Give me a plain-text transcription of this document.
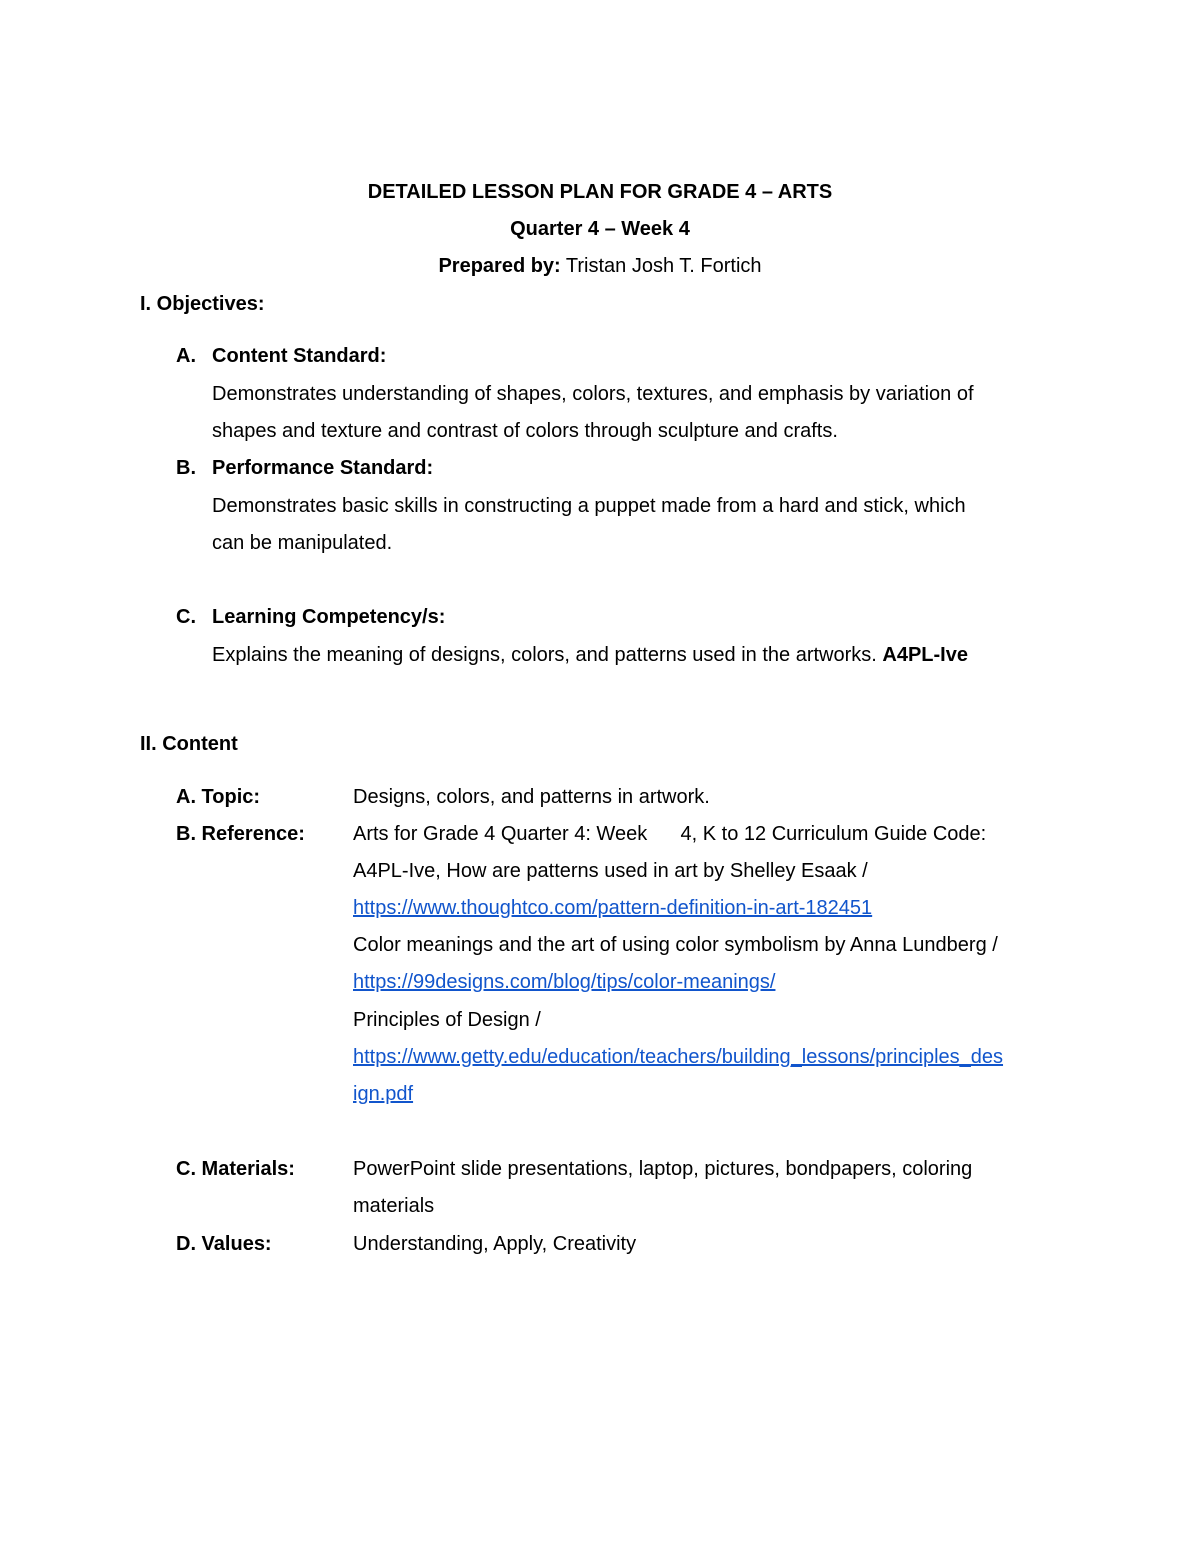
DETAILED LESSON PLAN FOR GRADE 4 – ARTS
Quarter 4 – Week 4
Prepared by: Tristan Josh T. Fortich
I. Objectives:
A. Content Standard:
Demonstrates understanding of shapes, colors, textures, and emphasis by variation of
shapes and texture and contrast of colors through sculpture and crafts.
B. Performance Standard:
Demonstrates basic skills in constructing a puppet made from a hard and stick, which
can be manipulated.
C. Learning Competency/s:
Explains the meaning of designs, colors, and patterns used in the artworks. A4PL-Ive
II. Content
A. Topic:	Designs, colors, and patterns in artwork.
B. Reference: Arts for Grade 4 Quarter 4: Week      4, K to 12 Curriculum Guide Code:
A4PL-Ive, How are patterns used in art by Shelley Esaak /
https://www.thoughtco.com/pattern-definition-in-art-182451
Color meanings and the art of using color symbolism by Anna Lundberg /
https://99designs.com/blog/tips/color-meanings/
Principles of Design /
https://www.getty.edu/education/teachers/building_lessons/principles_des
ign.pdf
C. Materials:	PowerPoint slide presentations, laptop, pictures, bondpapers, coloring
materials
D. Values:	Understanding, Apply, Creativity
